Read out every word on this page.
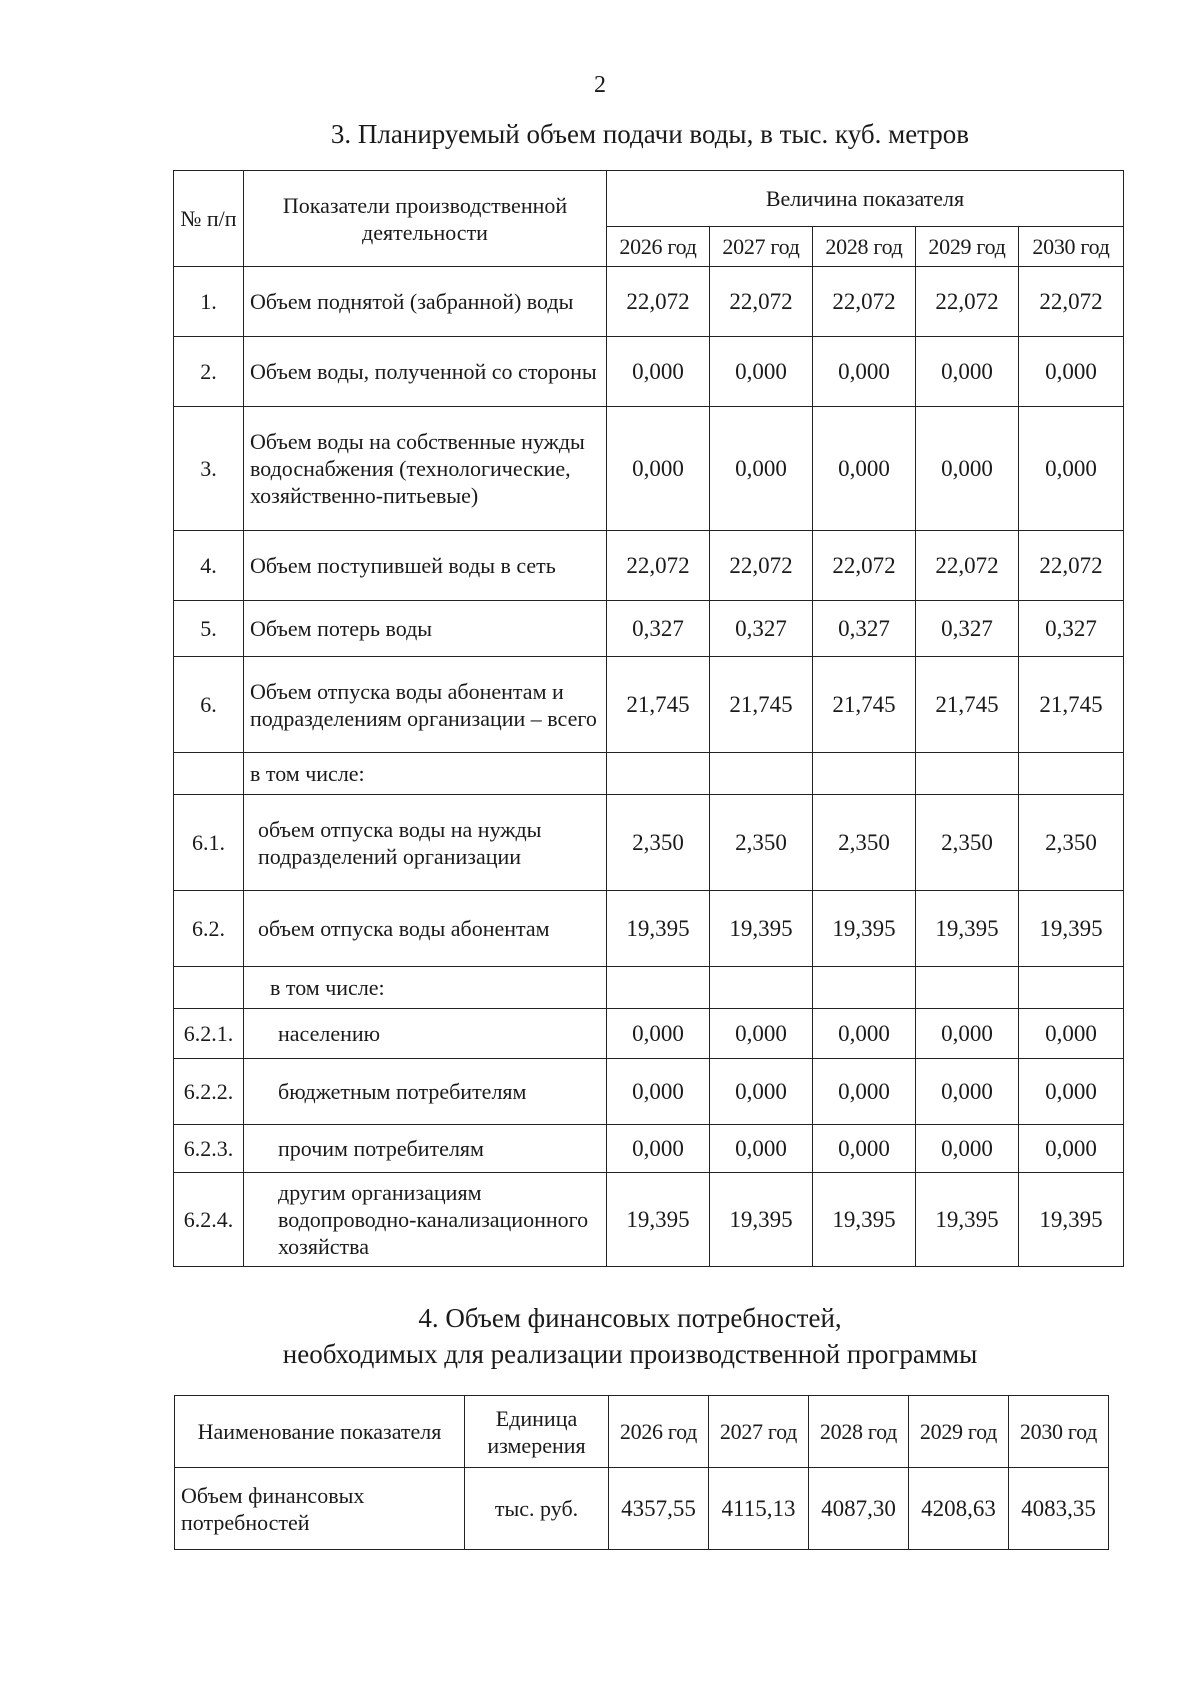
2
3. Планируемый объем подачи воды, в тыс. куб. метров
№ п/п	Показатели производственной деятельности	Величина показателя				
		2026 год	2027 год	2028 год	2029 год	2030 год
1.	Объем поднятой (забранной) воды	22,072	22,072	22,072	22,072	22,072
2.	Объем воды, полученной со стороны	0,000	0,000	0,000	0,000	0,000
3.	Объем воды на собственные нужды водоснабжения (технологические, хозяйственно-питьевые)	0,000	0,000	0,000	0,000	0,000
4.	Объем поступившей воды в сеть	22,072	22,072	22,072	22,072	22,072
5.	Объем потерь воды	0,327	0,327	0,327	0,327	0,327
6.	Объем отпуска воды абонентам и подразделениям организации – всего	21,745	21,745	21,745	21,745	21,745
	в том числе:					
6.1.	объем отпуска воды на нужды подразделений организации	2,350	2,350	2,350	2,350	2,350
6.2.	объем отпуска воды абонентам	19,395	19,395	19,395	19,395	19,395
	в том числе:					
6.2.1.	населению	0,000	0,000	0,000	0,000	0,000
6.2.2.	бюджетным потребителям	0,000	0,000	0,000	0,000	0,000
6.2.3.	прочим потребителям	0,000	0,000	0,000	0,000	0,000
6.2.4.	другим организациям водопроводно-канализационного хозяйства	19,395	19,395	19,395	19,395	19,395
4. Объем финансовых потребностей,
необходимых для реализации производственной программы
Наименование показателя	Единица измерения	2026 год	2027 год	2028 год	2029 год	2030 год
Объем финансовых потребностей	тыс. руб.	4357,55	4115,13	4087,30	4208,63	4083,35
